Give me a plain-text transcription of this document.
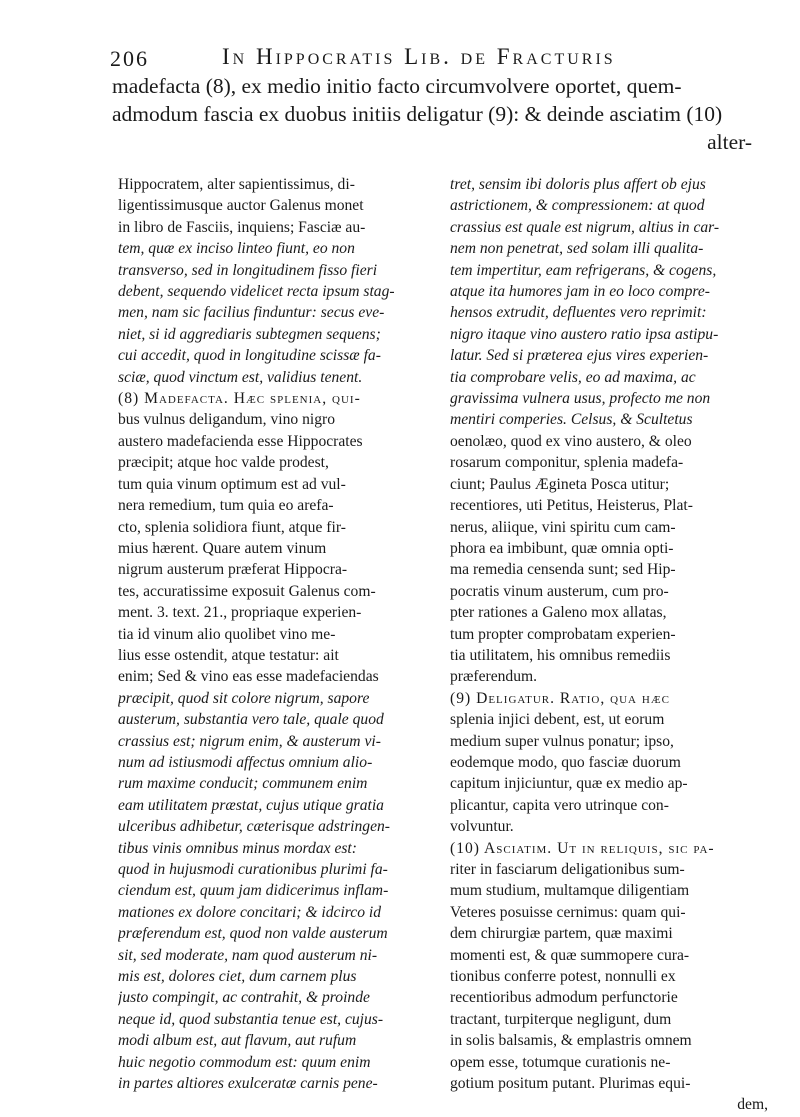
206	In Hippocratis Lib. de Fracturis
madefacta (8), ex medio initio facto circumvolvere oportet, quem-
admodum fascia ex duobus initiis deligatur (9): & deinde asciatim (10)
alter-
Hippocratem, alter sapientissimus, di-
ligentissimusque auctor Galenus monet
in libro de Fasciis, inquiens; Fasciæ au-
tem, quæ ex inciso linteo fiunt, eo non
transverso, sed in longitudinem fisso fieri
debent, sequendo videlicet recta ipsum stag-
men, nam sic facilius finduntur: secus eve-
niet, si id aggrediaris subtegmen sequens;
cui accedit, quod in longitudine scissæ fa-
sciæ, quod vinctum est, validius tenent.
(8) Madefacta. Hæc splenia, qui-
bus vulnus deligandum, vino nigro
austero madefacienda esse Hippocrates
præcipit; atque hoc valde prodest,
tum quia vinum optimum est ad vul-
nera remedium, tum quia eo arefa-
cto, splenia solidiora fiunt, atque fir-
mius hærent. Quare autem vinum
nigrum austerum præferat Hippocra-
tes, accuratissime exposuit Galenus com-
ment. 3. text. 21., propriaque experien-
tia id vinum alio quolibet vino me-
lius esse ostendit, atque testatur: ait
enim; Sed & vino eas esse madefaciendas
præcipit, quod sit colore nigrum, sapore
austerum, substantia vero tale, quale quod
crassius est; nigrum enim, & austerum vi-
num ad istiusmodi affectus omnium alio-
rum maxime conducit; communem enim
eam utilitatem præstat, cujus utique gratia
ulceribus adhibetur, cæterisque adstringen-
tibus vinis omnibus minus mordax est:
quod in hujusmodi curationibus plurimi fa-
ciendum est, quum jam didicerimus inflam-
mationes ex dolore concitari; & idcirco id
præferendum est, quod non valde austerum
sit, sed moderate, nam quod austerum ni-
mis est, dolores ciet, dum carnem plus
justo compingit, ac contrahit, & proinde
neque id, quod substantia tenue est, cujus-
modi album est, aut flavum, aut rufum
huic negotio commodum est: quum enim
in partes altiores exulceratæ carnis pene-
tret, sensim ibi doloris plus affert ob ejus
astrictionem, & compressionem: at quod
crassius est quale est nigrum, altius in car-
nem non penetrat, sed solam illi qualita-
tem impertitur, eam refrigerans, & cogens,
atque ita humores jam in eo loco compre-
hensos extrudit, defluentes vero reprimit:
nigro itaque vino austero ratio ipsa astipu-
latur. Sed si præterea ejus vires experien-
tia comprobare velis, eo ad maxima, ac
gravissima vulnera usus, profecto me non
mentiri comperies. Celsus, & Scultetus
oenolæo, quod ex vino austero, & oleo
rosarum componitur, splenia madefa-
ciunt; Paulus Ægineta Posca utitur;
recentiores, uti Petitus, Heisterus, Plat-
nerus, aliique, vini spiritu cum cam-
phora ea imbibunt, quæ omnia opti-
ma remedia censenda sunt; sed Hip-
pocratis vinum austerum, cum pro-
pter rationes a Galeno mox allatas,
tum propter comprobatam experien-
tia utilitatem, his omnibus remediis
præferendum.
(9) Deligatur. Ratio, qua hæc
splenia injici debent, est, ut eorum
medium super vulnus ponatur; ipso,
eodemque modo, quo fasciæ duorum
capitum injiciuntur, quæ ex medio ap-
plicantur, capita vero utrinque con-
volvuntur.
(10) Asciatim. Ut in reliquis, sic pa-
riter in fasciarum deligationibus sum-
mum studium, multamque diligentiam
Veteres posuisse cernimus: quam qui-
dem chirurgiæ partem, quæ maximi
momenti est, & quæ summopere cura-
tionibus conferre potest, nonnulli ex
recentioribus admodum perfunctorie
tractant, turpiterque negligunt, dum
in solis balsamis, & emplastris omnem
opem esse, totumque curationis ne-
gotium positum putant. Plurimas equi-
dem,
